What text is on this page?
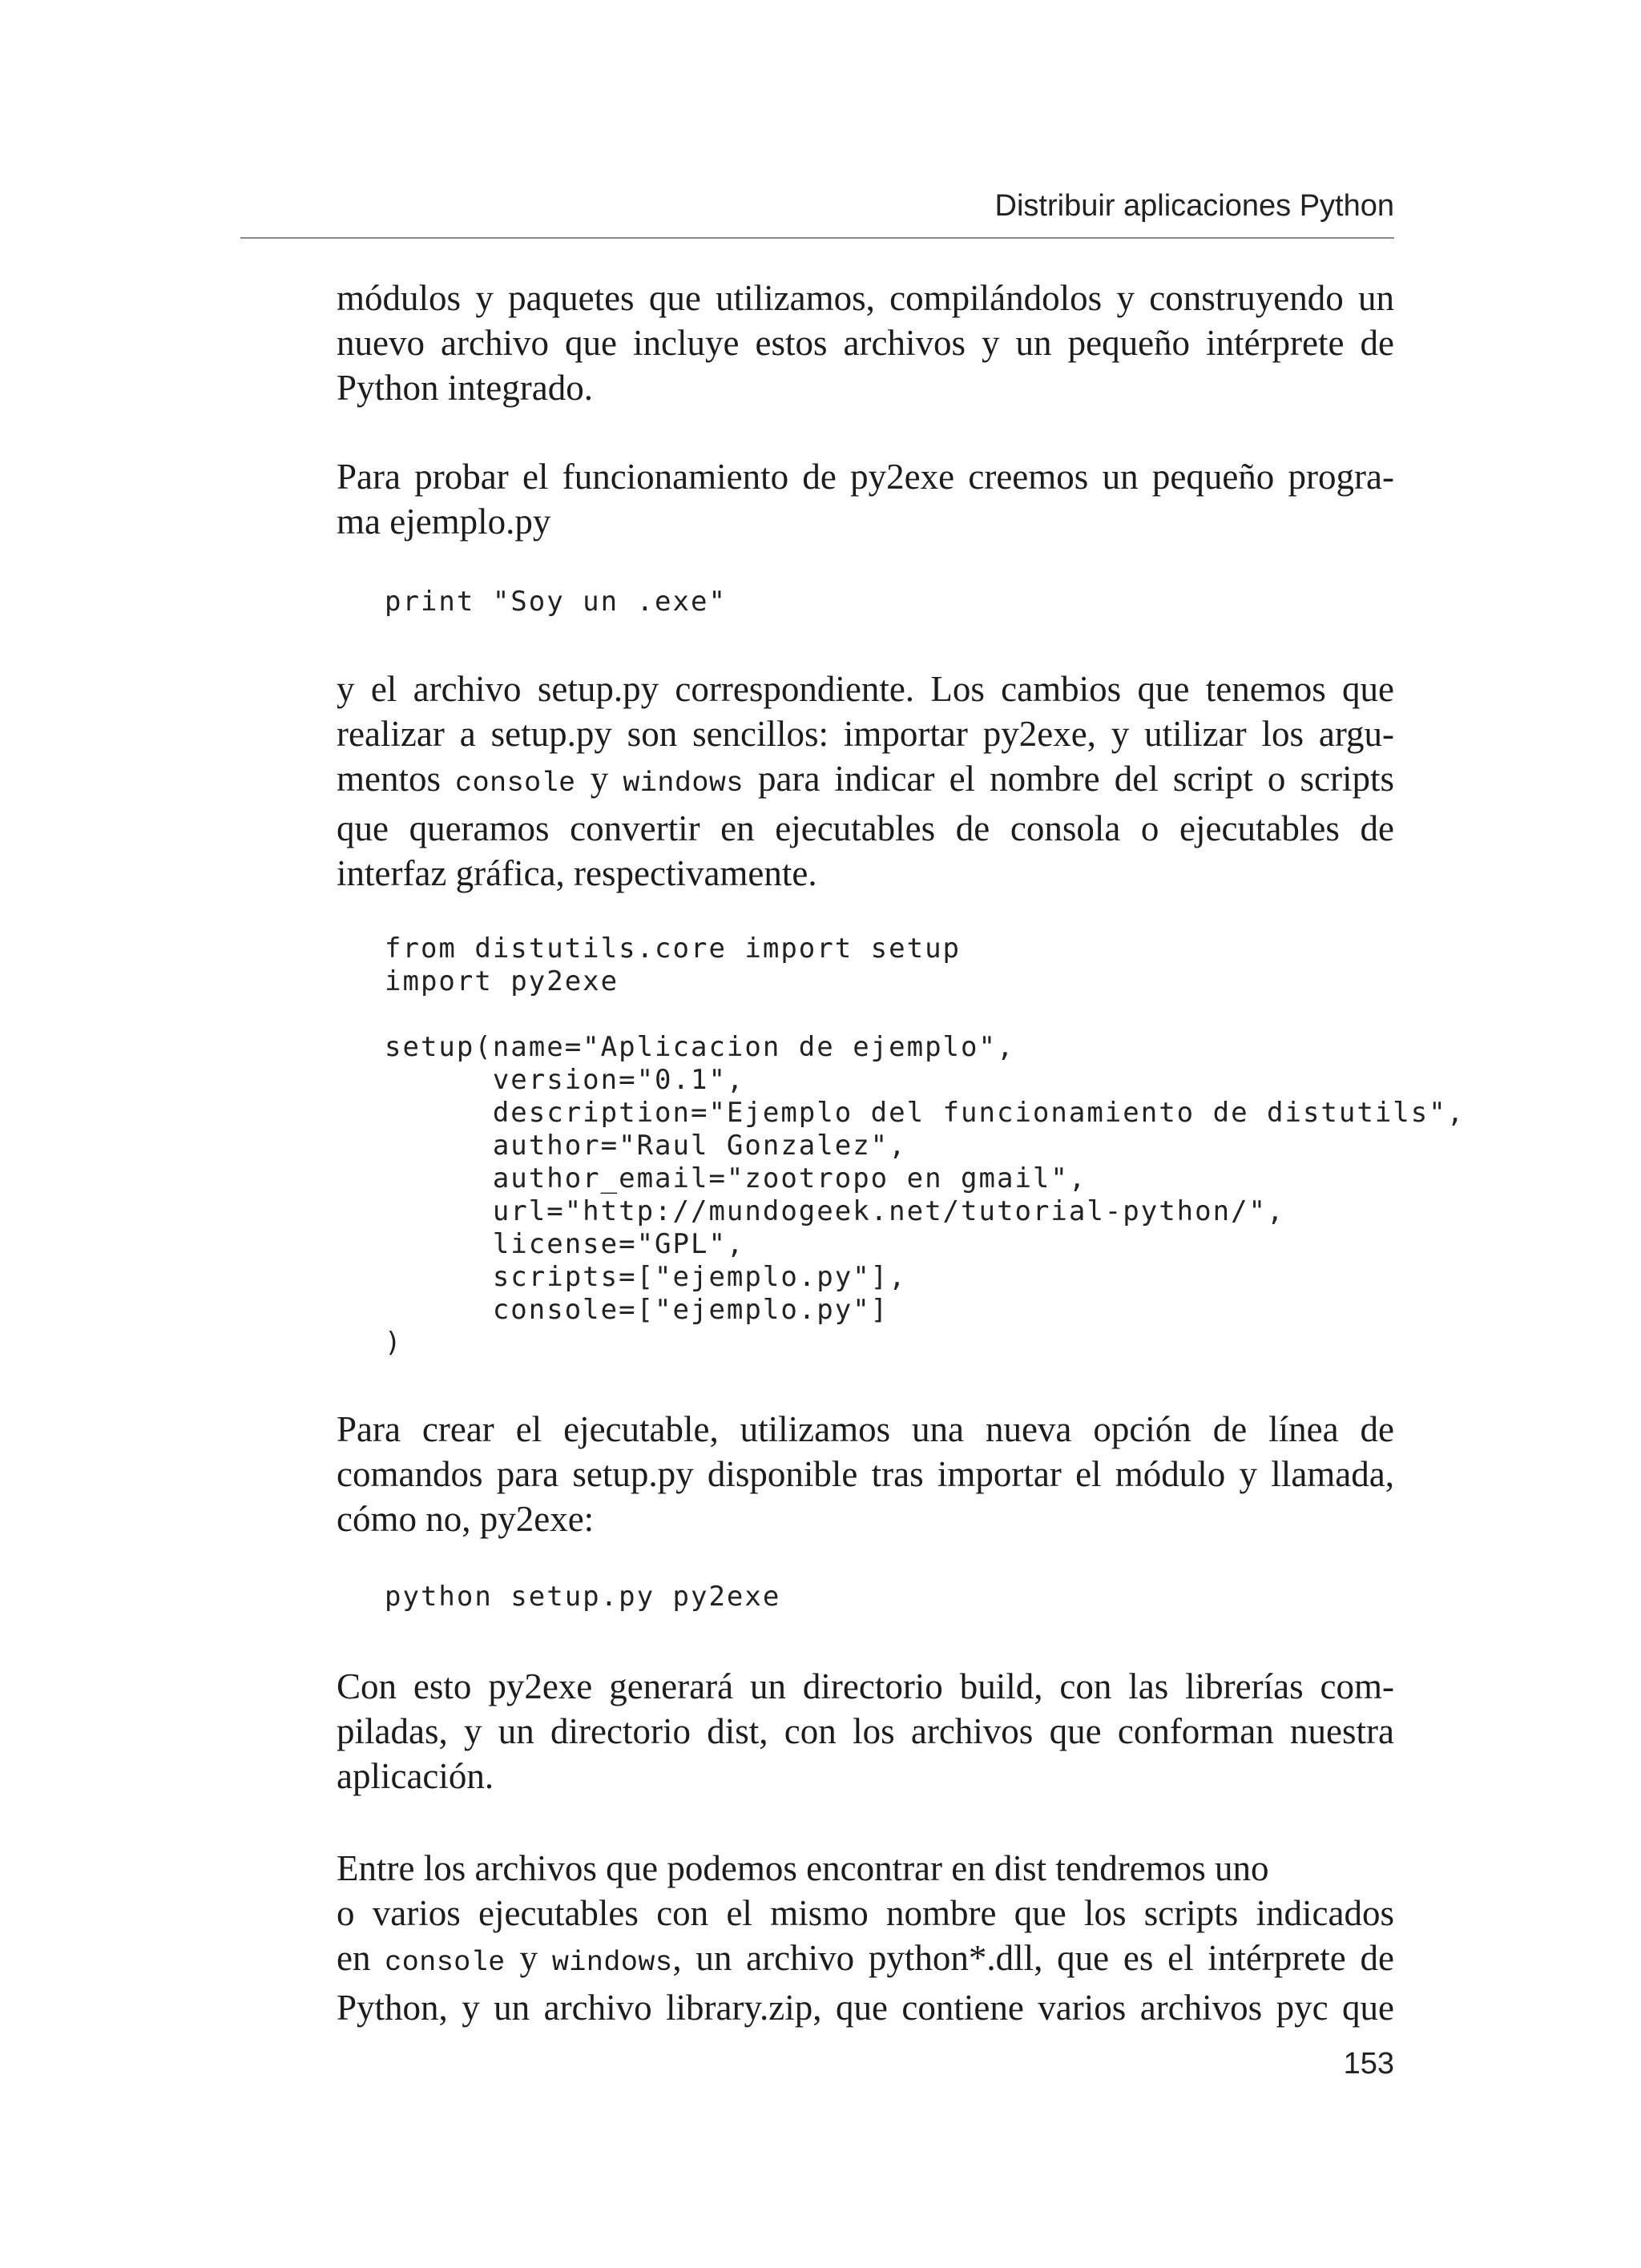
Distribuir aplicaciones Python

módulos y paquetes que utilizamos, compilándolos y construyendo un
nuevo archivo que incluye estos archivos y un pequeño intérprete de
Python integrado.

Para probar el funcionamiento de py2exe creemos un pequeño progra-
ma ejemplo.py

y el archivo setup.py correspondiente. Los cambios que tenemos que
realizar a setup.py son sencillos: importar py2exe, y utilizar los argu-
mentos console y windows para indicar el nombre del script o scripts
que queramos convertir en ejecutables de consola o ejecutables de
interfaz gráfica, respectivamente.

Para crear el ejecutable, utilizamos una nueva opción de línea de
comandos para setup.py disponible tras importar el módulo y llamada,
cómo no, py2exe:

Con esto py2exe generará un directorio build, con las librerías com-
piladas, y un directorio dist, con los archivos que conforman nuestra
aplicación.

Entre los archivos que podemos encontrar en dist tendremos uno
o varios ejecutables con el mismo nombre que los scripts indicados
en console y windows, un archivo python*.dll, que es el intérprete de
Python, y un archivo library.zip, que contiene varios archivos pyc que

print "Soy un .exe"
from distutils.core import setup
import py2exe

setup(name="Aplicacion de ejemplo",
version="0.1",
description="Ejemplo del funcionamiento de distutils",
author="Raul Gonzalez",
author_email="zootropo en gmail",
url="http://mundogeek.net/tutorial-python/",
license="GPL",
scripts=["ejemplo.py"],
console=["ejemplo.py"]
)
python setup.py py2exe
153
